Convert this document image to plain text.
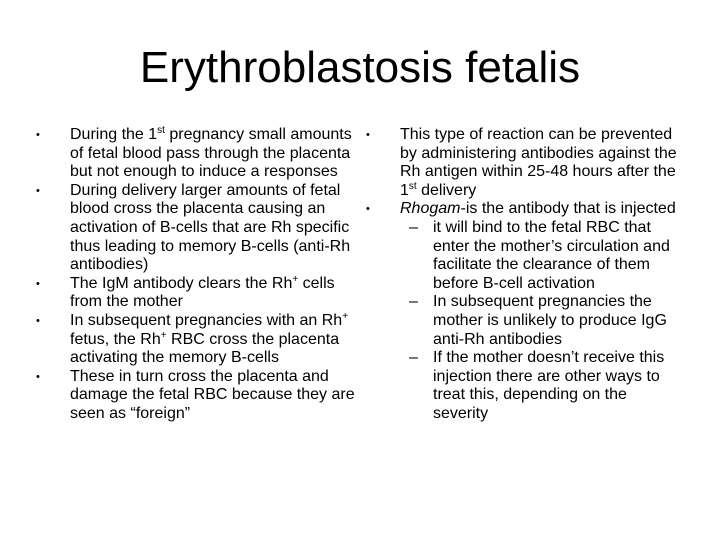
Erythroblastosis fetalis
• During the 1st pregnancy small amounts of fetal blood pass through the placenta but not enough to induce a responses
• During delivery larger amounts of fetal blood cross the placenta causing an activation of B-cells that are Rh specific thus leading to memory B-cells (anti-Rh antibodies)
• The IgM antibody clears the Rh+ cells from the mother
• In subsequent pregnancies with an Rh+ fetus, the Rh+ RBC cross the placenta activating the memory B-cells
• These in turn cross the placenta and damage the fetal RBC because they are seen as “foreign”
• This type of reaction can be prevented by administering antibodies against the Rh antigen within 25-48 hours after the 1st delivery
• Rhogam-is the antibody that is injected
– it will bind to the fetal RBC that enter the mother’s circulation and facilitate the clearance of them before B-cell activation
– In subsequent pregnancies the mother is unlikely to produce IgG anti-Rh antibodies
– If the mother doesn’t receive this injection there are other ways to treat this, depending on the severity
